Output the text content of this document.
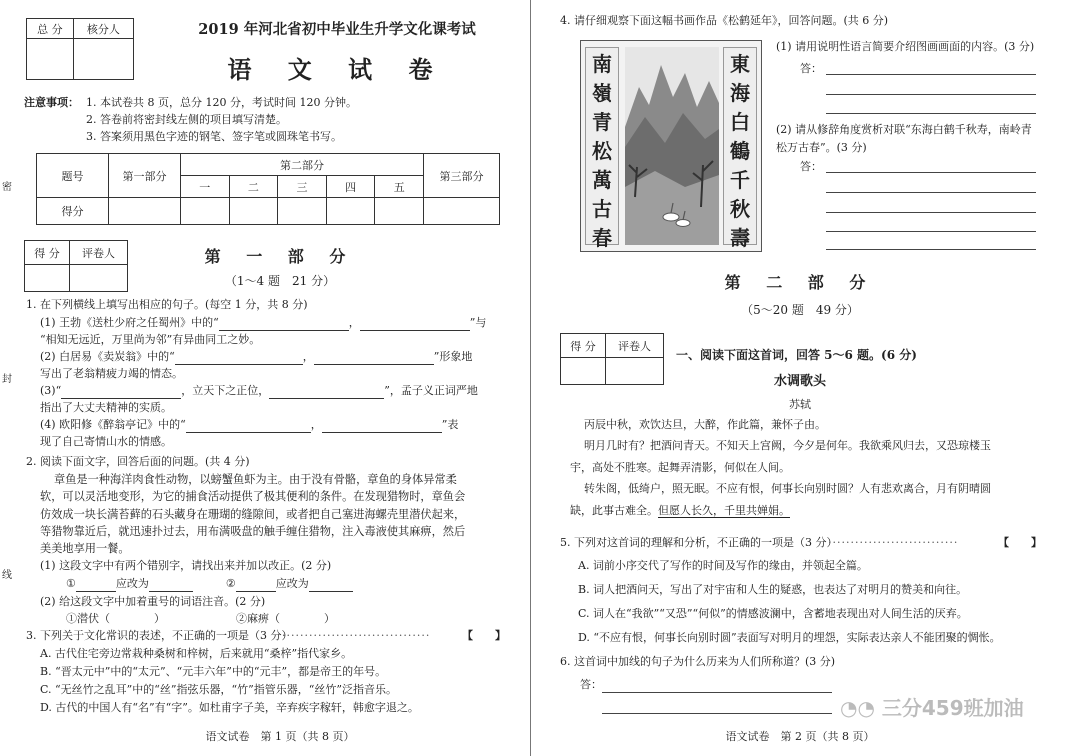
密
封
线
总 分	核分人
		2019 年河北省初中毕业生升学文化课考试
语 文 试 卷
注意事项： 1. 本试卷共 8 页，总分 120 分，考试时间 120 分钟。
2. 答卷前将密封线左侧的项目填写清楚。
3. 答案须用黑色字迹的钢笔、签字笔或圆珠笔书写。
题号	第一部分	第二部分					第三部分
		一	二	三	四	五	
得分							
得 分	评卷人
		第 一 部 分
（1～4 题　21 分）
1. 在下列横线上填写出相应的句子。(每空 1 分，共 8 分)
(1) 王勃《送杜少府之任蜀州》中的“	，	”与
“相知无远近，万里尚为邻”有异曲同工之妙。
(2) 白居易《卖炭翁》中的“	，	”形象地
写出了老翁精疲力竭的情态。
(3)“	，立天下之正位，	”，孟子义正词严地
指出了大丈夫精神的实质。
(4) 欧阳修《醉翁亭记》中的“	，	”表
现了自己寄情山水的情感。
2. 阅读下面文字，回答后面的问题。(共 4 分)
章鱼是一种海洋肉食性动物，以螃蟹鱼虾为主。由于没有骨骼，章鱼的身体异常柔
软，可以灵活地变形，为它的捕食活动提供了极其便利的条件。在发现猎物时，章鱼会
仿效成一块长满苔藓的石头藏身在珊瑚的缝隙间，或者把自己塞进海螺壳里潜伏起来，
等猎物靠近后，就迅速扑过去，用布满吸盘的触手缠住猎物，注入毒液使其麻痹，然后
美美地享用一餐。
(1) 这段文字中有两个错别字，请找出来并加以改正。(2 分)
①	应改为	②	应改为
(2) 给这段文字中加着重号的词语注音。(2 分)
①潜伏（　　　　）	②麻痹（　　　　）
3. 下列关于文化常识的表述，不正确的一项是（3 分）
·································	【　　】
A. 古代住宅旁边常栽种桑树和梓树，后来就用“桑梓”指代家乡。
B. “晋太元中”中的“太元”、“元丰六年”中的“元丰”，都是帝王的年号。
C. “无丝竹之乱耳”中的“丝”指弦乐器，“竹”指管乐器，“丝竹”泛指音乐。
D. 古代的中国人有“名”有“字”。如杜甫字子美，辛弃疾字稼轩，韩愈字退之。
语文试卷　第 1 页（共 8 页）
4. 请仔细观察下面这幅书画作品《松鹤延年》，回答问题。(共 6 分)
南
嶺
青
松
萬
古
春
東
海
白
鶴
千
秋
壽
(1) 请用说明性语言简要介绍图画画面的内容。(3 分)
答：
(2) 请从修辞角度赏析对联“东海白鹤千秋寿，南岭青松万古春”。(3 分)
答：
第 二 部 分
（5～20 题　49 分）
得 分	评卷人

一、阅读下面这首词，回答 5～6 题。(6 分)
水调歌头
苏轼
丙辰中秋，欢饮达旦，大醉，作此篇，兼怀子由。
明月几时有？把酒问青天。不知天上宫阙，今夕是何年。我欲乘风归去，又恐琼楼玉
宇，高处不胜寒。起舞弄清影，何似在人间。
转朱阁，低绮户，照无眠。不应有恨，何事长向别时圆？人有悲欢离合，月有阴晴圆
缺，此事古难全。但愿人长久，千里共婵娟。
5. 下列对这首词的理解和分析，不正确的一项是（3 分）
·····························	【　　】
A. 词前小序交代了写作的时间及写作的缘由，并领起全篇。
B. 词人把酒问天，写出了对宇宙和人生的疑惑，也表达了对明月的赞美和向往。
C. 词人在“我欲”“又恐”“何似”的情感波澜中，含蓄地表现出对人间生活的厌弃。
D. “不应有恨，何事长向别时圆”表面写对明月的埋怨，实际表达亲人不能团聚的惆怅。
6. 这首词中加线的句子为什么历来为人们所称道？(3 分)
答：
◔◔ 三分459班加油
语文试卷　第 2 页（共 8 页）
